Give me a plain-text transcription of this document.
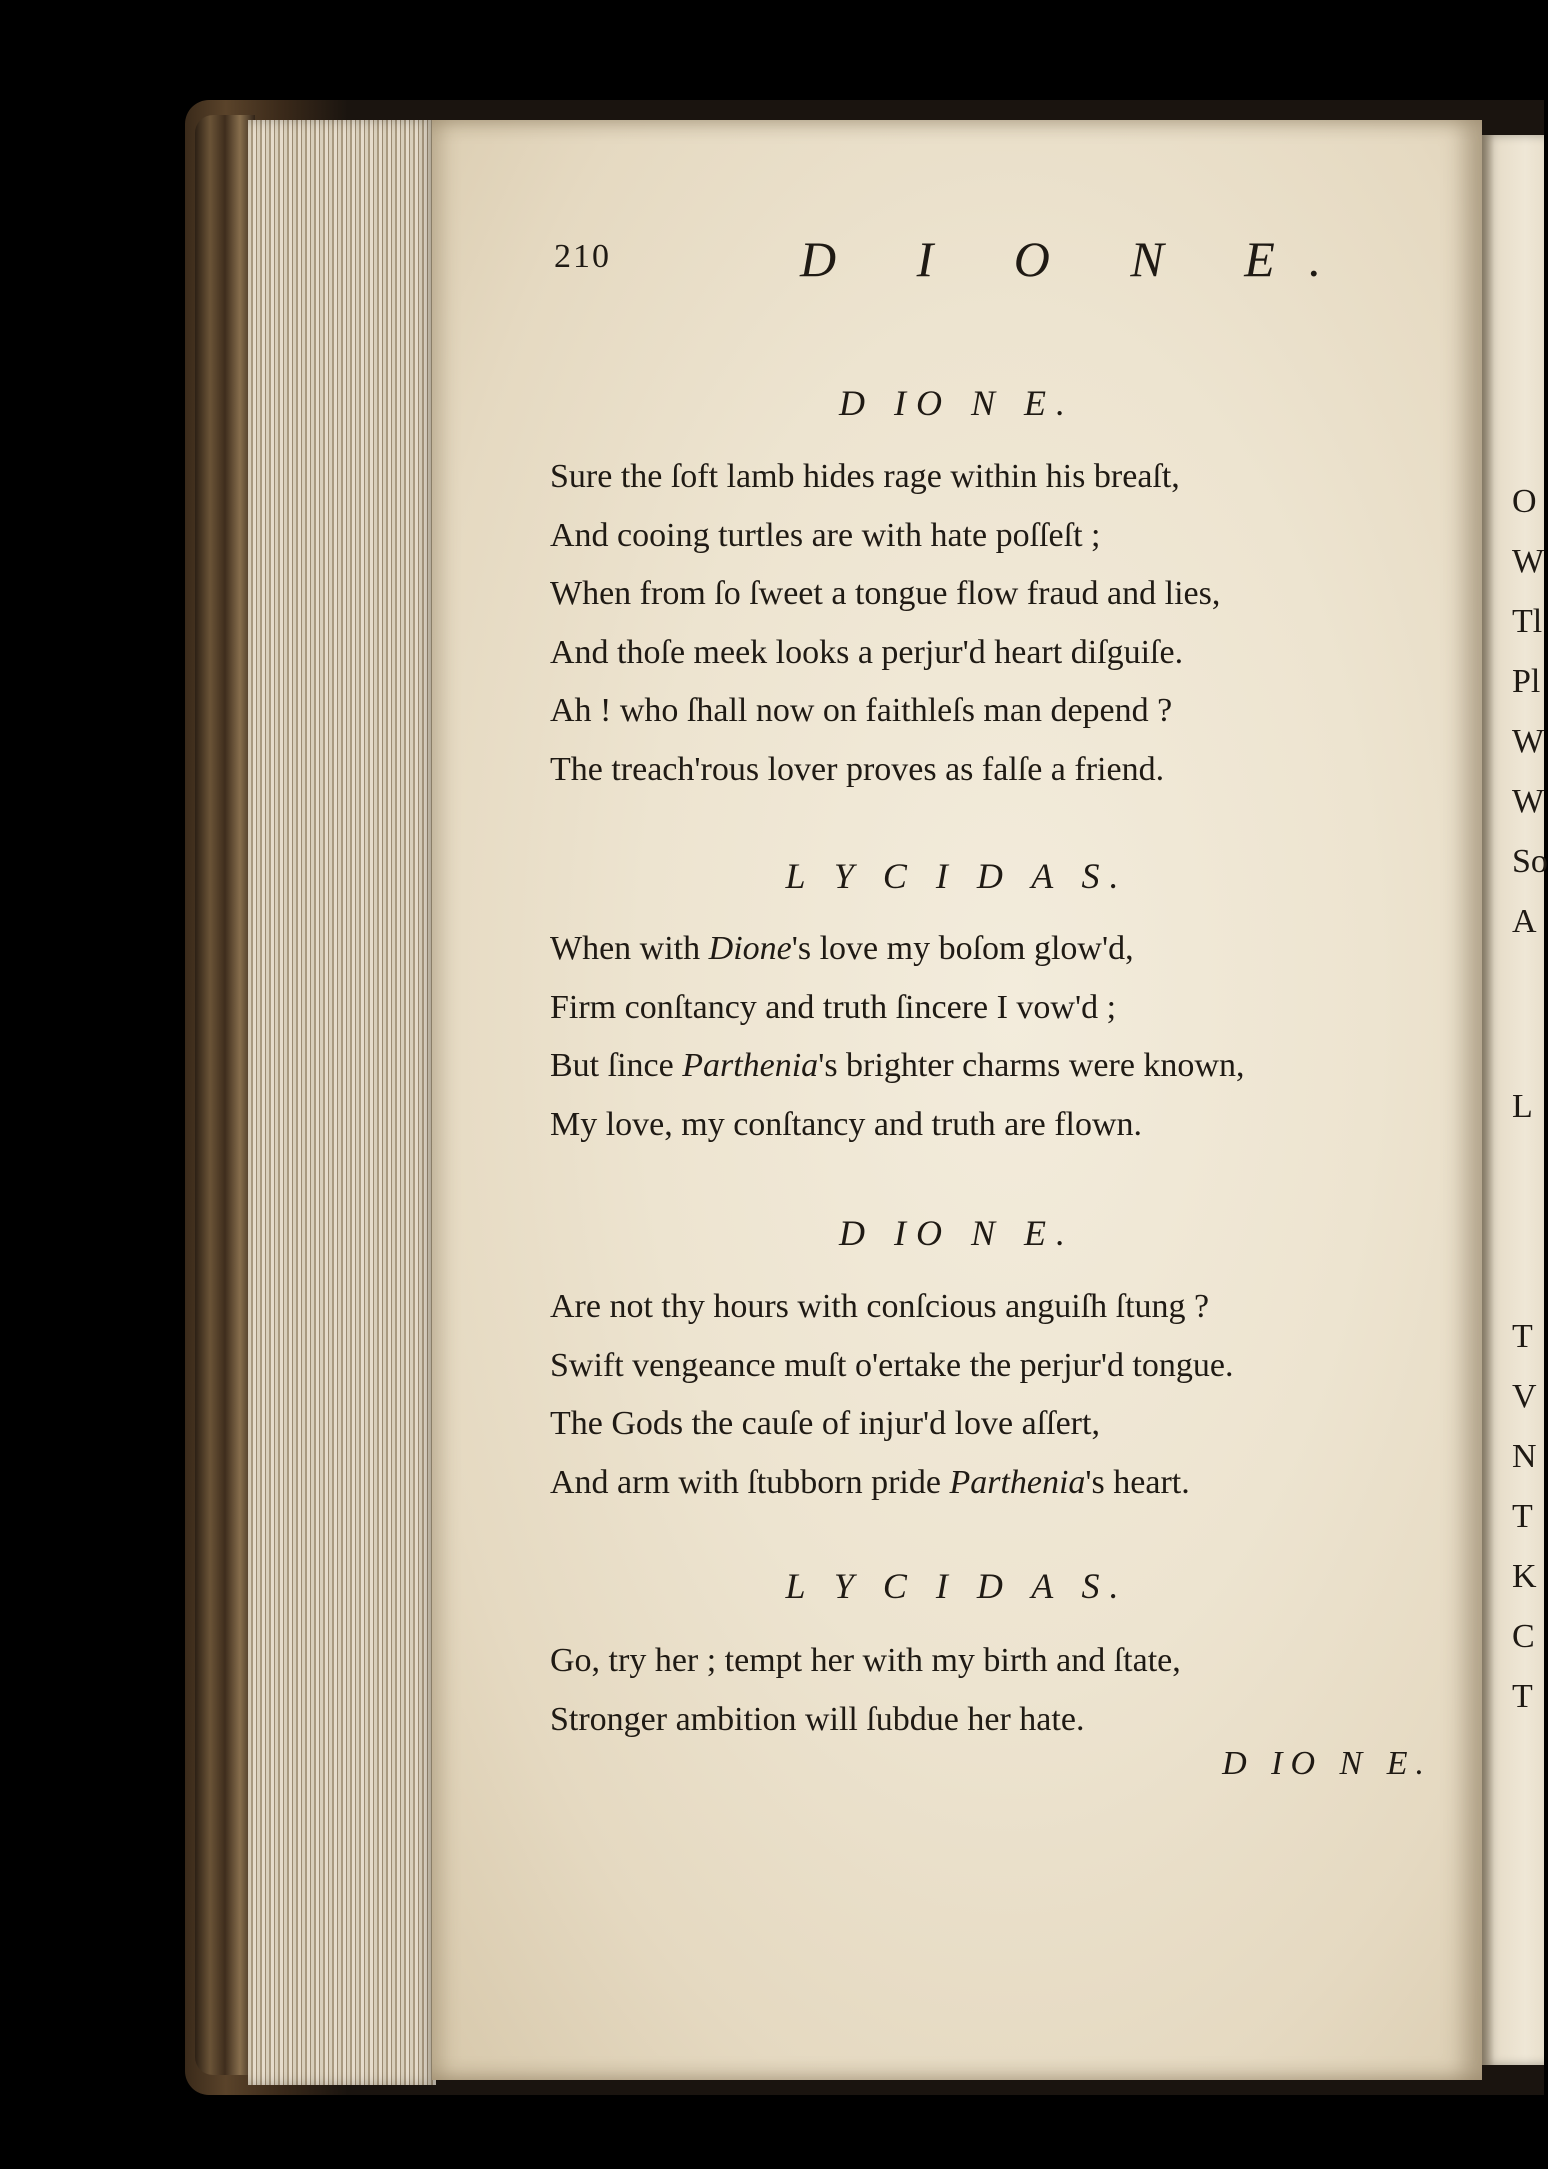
210	D I O N E.
D IO N E.
Sure the ſoft lamb hides rage within his breaſt,
And cooing turtles are with hate poſſeſt ;
When from ſo ſweet a tongue flow fraud and lies,
And thoſe meek looks a perjur'd heart diſguiſe.
Ah ! who ſhall now on faithleſs man depend ?
The treach'rous lover proves as falſe a friend.
L Y C I D A S.
When with Dione's love my boſom glow'd,
Firm conſtancy and truth ſincere I vow'd ;
But ſince Parthenia's brighter charms were known,
My love, my conſtancy and truth are flown.
D IO N E.
Are not thy hours with conſcious anguiſh ſtung ?
Swift vengeance muſt o'ertake the perjur'd tongue.
The Gods the cauſe of injur'd love aſſert,
And arm with ſtubborn pride Parthenia's heart.
L Y C I D A S.
Go, try her ; tempt her with my birth and ſtate,
Stronger ambition will ſubdue her hate.
D IO N E.
O
W
Tl
Pl
W
W
So
A
L
T
V
N
T
K
C
T
